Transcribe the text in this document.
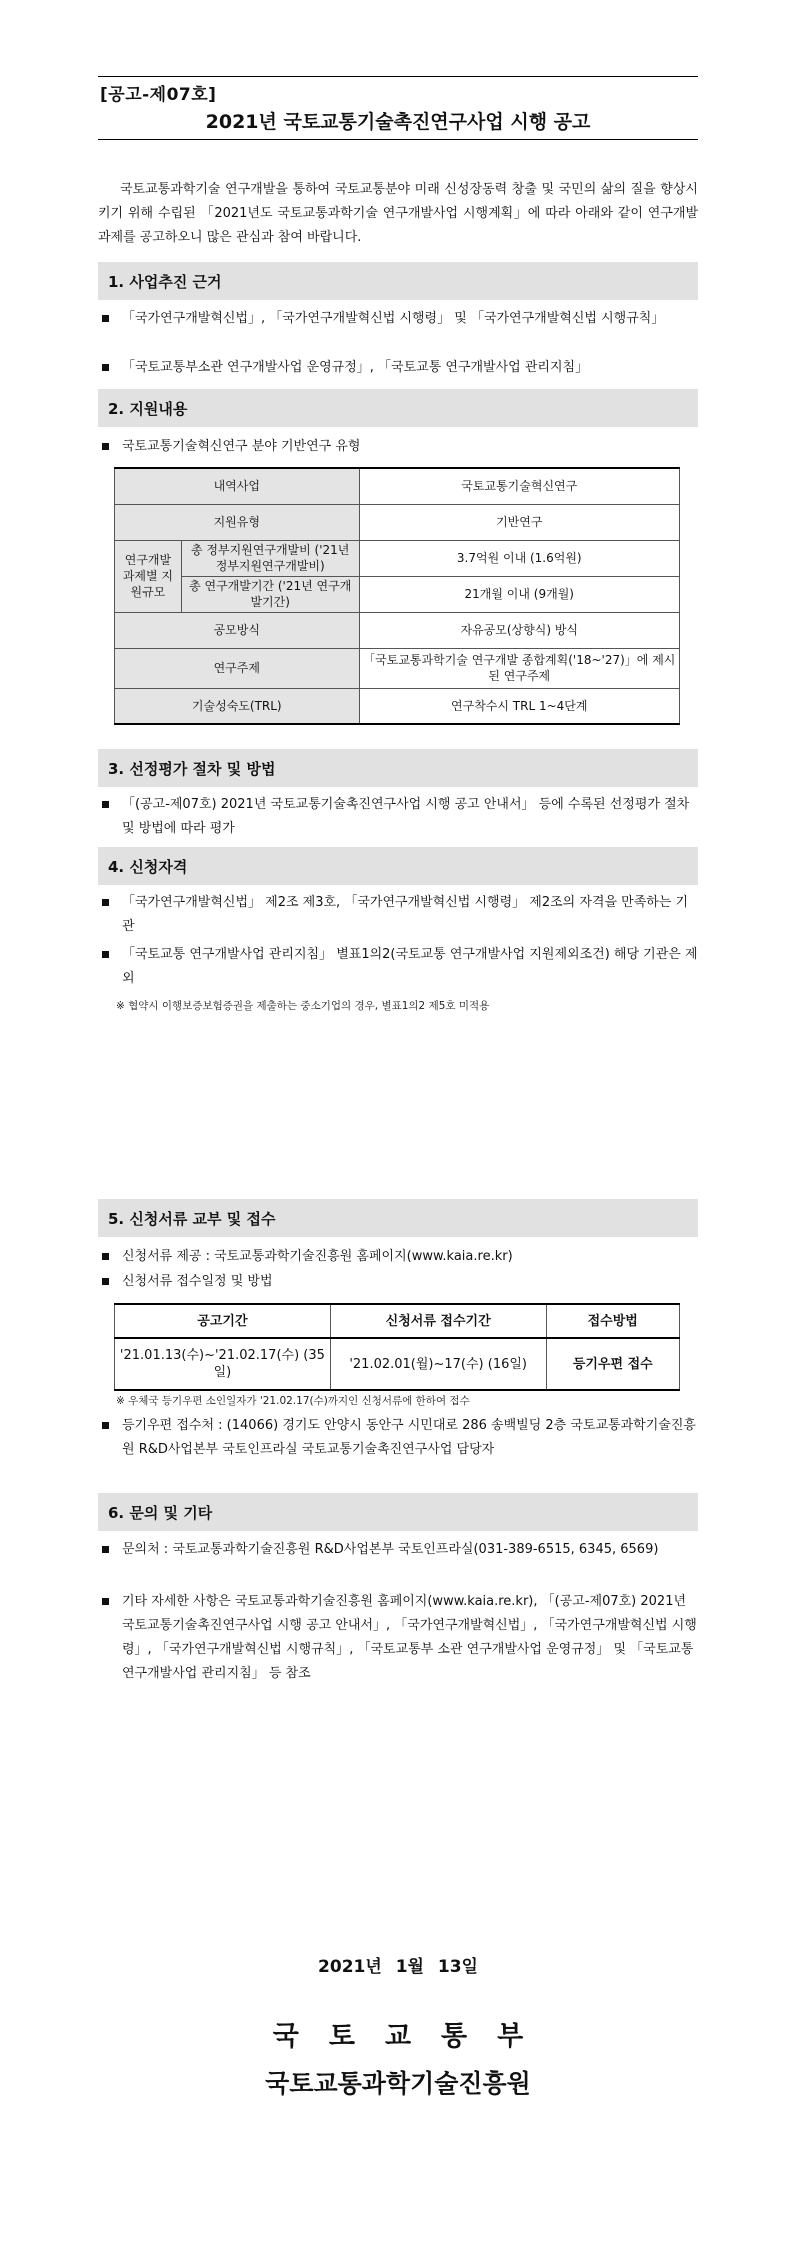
[공고-제07호]
2021년 국토교통기술촉진연구사업 시행 공고
국토교통과학기술 연구개발을 통하여 국토교통분야 미래 신성장동력 창출 및 국민의 삶의 질을 향상시키기 위해 수립된 「2021년도 국토교통과학기술 연구개발사업 시행계획」에 따라 아래와 같이 연구개발과제를 공고하오니 많은 관심과 참여 바랍니다.
1. 사업추진 근거
「국가연구개발혁신법」, 「국가연구개발혁신법 시행령」 및 「국가연구개발혁신법 시행규칙」
「국토교통부소관 연구개발사업 운영규정」, 「국토교통 연구개발사업 관리지침」
2. 지원내용
국토교통기술혁신연구 분야 기반연구 유형
내역사업		국토교통기술혁신연구
지원유형		기반연구
연구개발 과제별 지원규모	총 정부지원연구개발비 ('21년 정부지원연구개발비)	3.7억원 이내 (1.6억원)
	총 연구개발기간 ('21년 연구개발기간)	21개월 이내 (9개월)
공모방식		자유공모(상향식) 방식
연구주제		「국토교통과학기술 연구개발 종합계획('18~'27)」에 제시된 연구주제
기술성숙도(TRL)		연구착수시 TRL 1~4단계
3. 선정평가 절차 및 방법
「(공고-제07호) 2021년 국토교통기술촉진연구사업 시행 공고 안내서」 등에 수록된 선정평가 절차 및 방법에 따라 평가
4. 신청자격
「국가연구개발혁신법」 제2조 제3호, 「국가연구개발혁신법 시행령」 제2조의 자격을 만족하는 기관
「국토교통 연구개발사업 관리지침」 별표1의2(국토교통 연구개발사업 지원제외조건) 해당 기관은 제외
※ 협약시 이행보증보험증권을 제출하는 중소기업의 경우, 별표1의2 제5호 미적용
5. 신청서류 교부 및 접수
신청서류 제공 : 국토교통과학기술진흥원 홈페이지(www.kaia.re.kr)
신청서류 접수일정 및 방법
공고기간	신청서류 접수기간	접수방법
'21.01.13(수)~'21.02.17(수) (35일)	'21.02.01(월)~17(수) (16일)	등기우편 접수
※ 우체국 등기우편 소인일자가 '21.02.17(수)까지인 신청서류에 한하여 접수
등기우편 접수처 : (14066) 경기도 안양시 동안구 시민대로 286 송백빌딩 2층 국토교통과학기술진흥원 R&D사업본부 국토인프라실 국토교통기술촉진연구사업 담당자
6. 문의 및 기타
문의처 : 국토교통과학기술진흥원 R&D사업본부 국토인프라실(031-389-6515, 6345, 6569)
기타 자세한 사항은 국토교통과학기술진흥원 홈페이지(www.kaia.re.kr), 「(공고-제07호) 2021년 국토교통기술촉진연구사업 시행 공고 안내서」, 「국가연구개발혁신법」, 「국가연구개발혁신법 시행령」, 「국가연구개발혁신법 시행규칙」, 「국토교통부 소관 연구개발사업 운영규정」 및 「국토교통 연구개발사업 관리지침」 등 참조
2021년 1월 13일
국토교통부
국토교통과학기술진흥원
